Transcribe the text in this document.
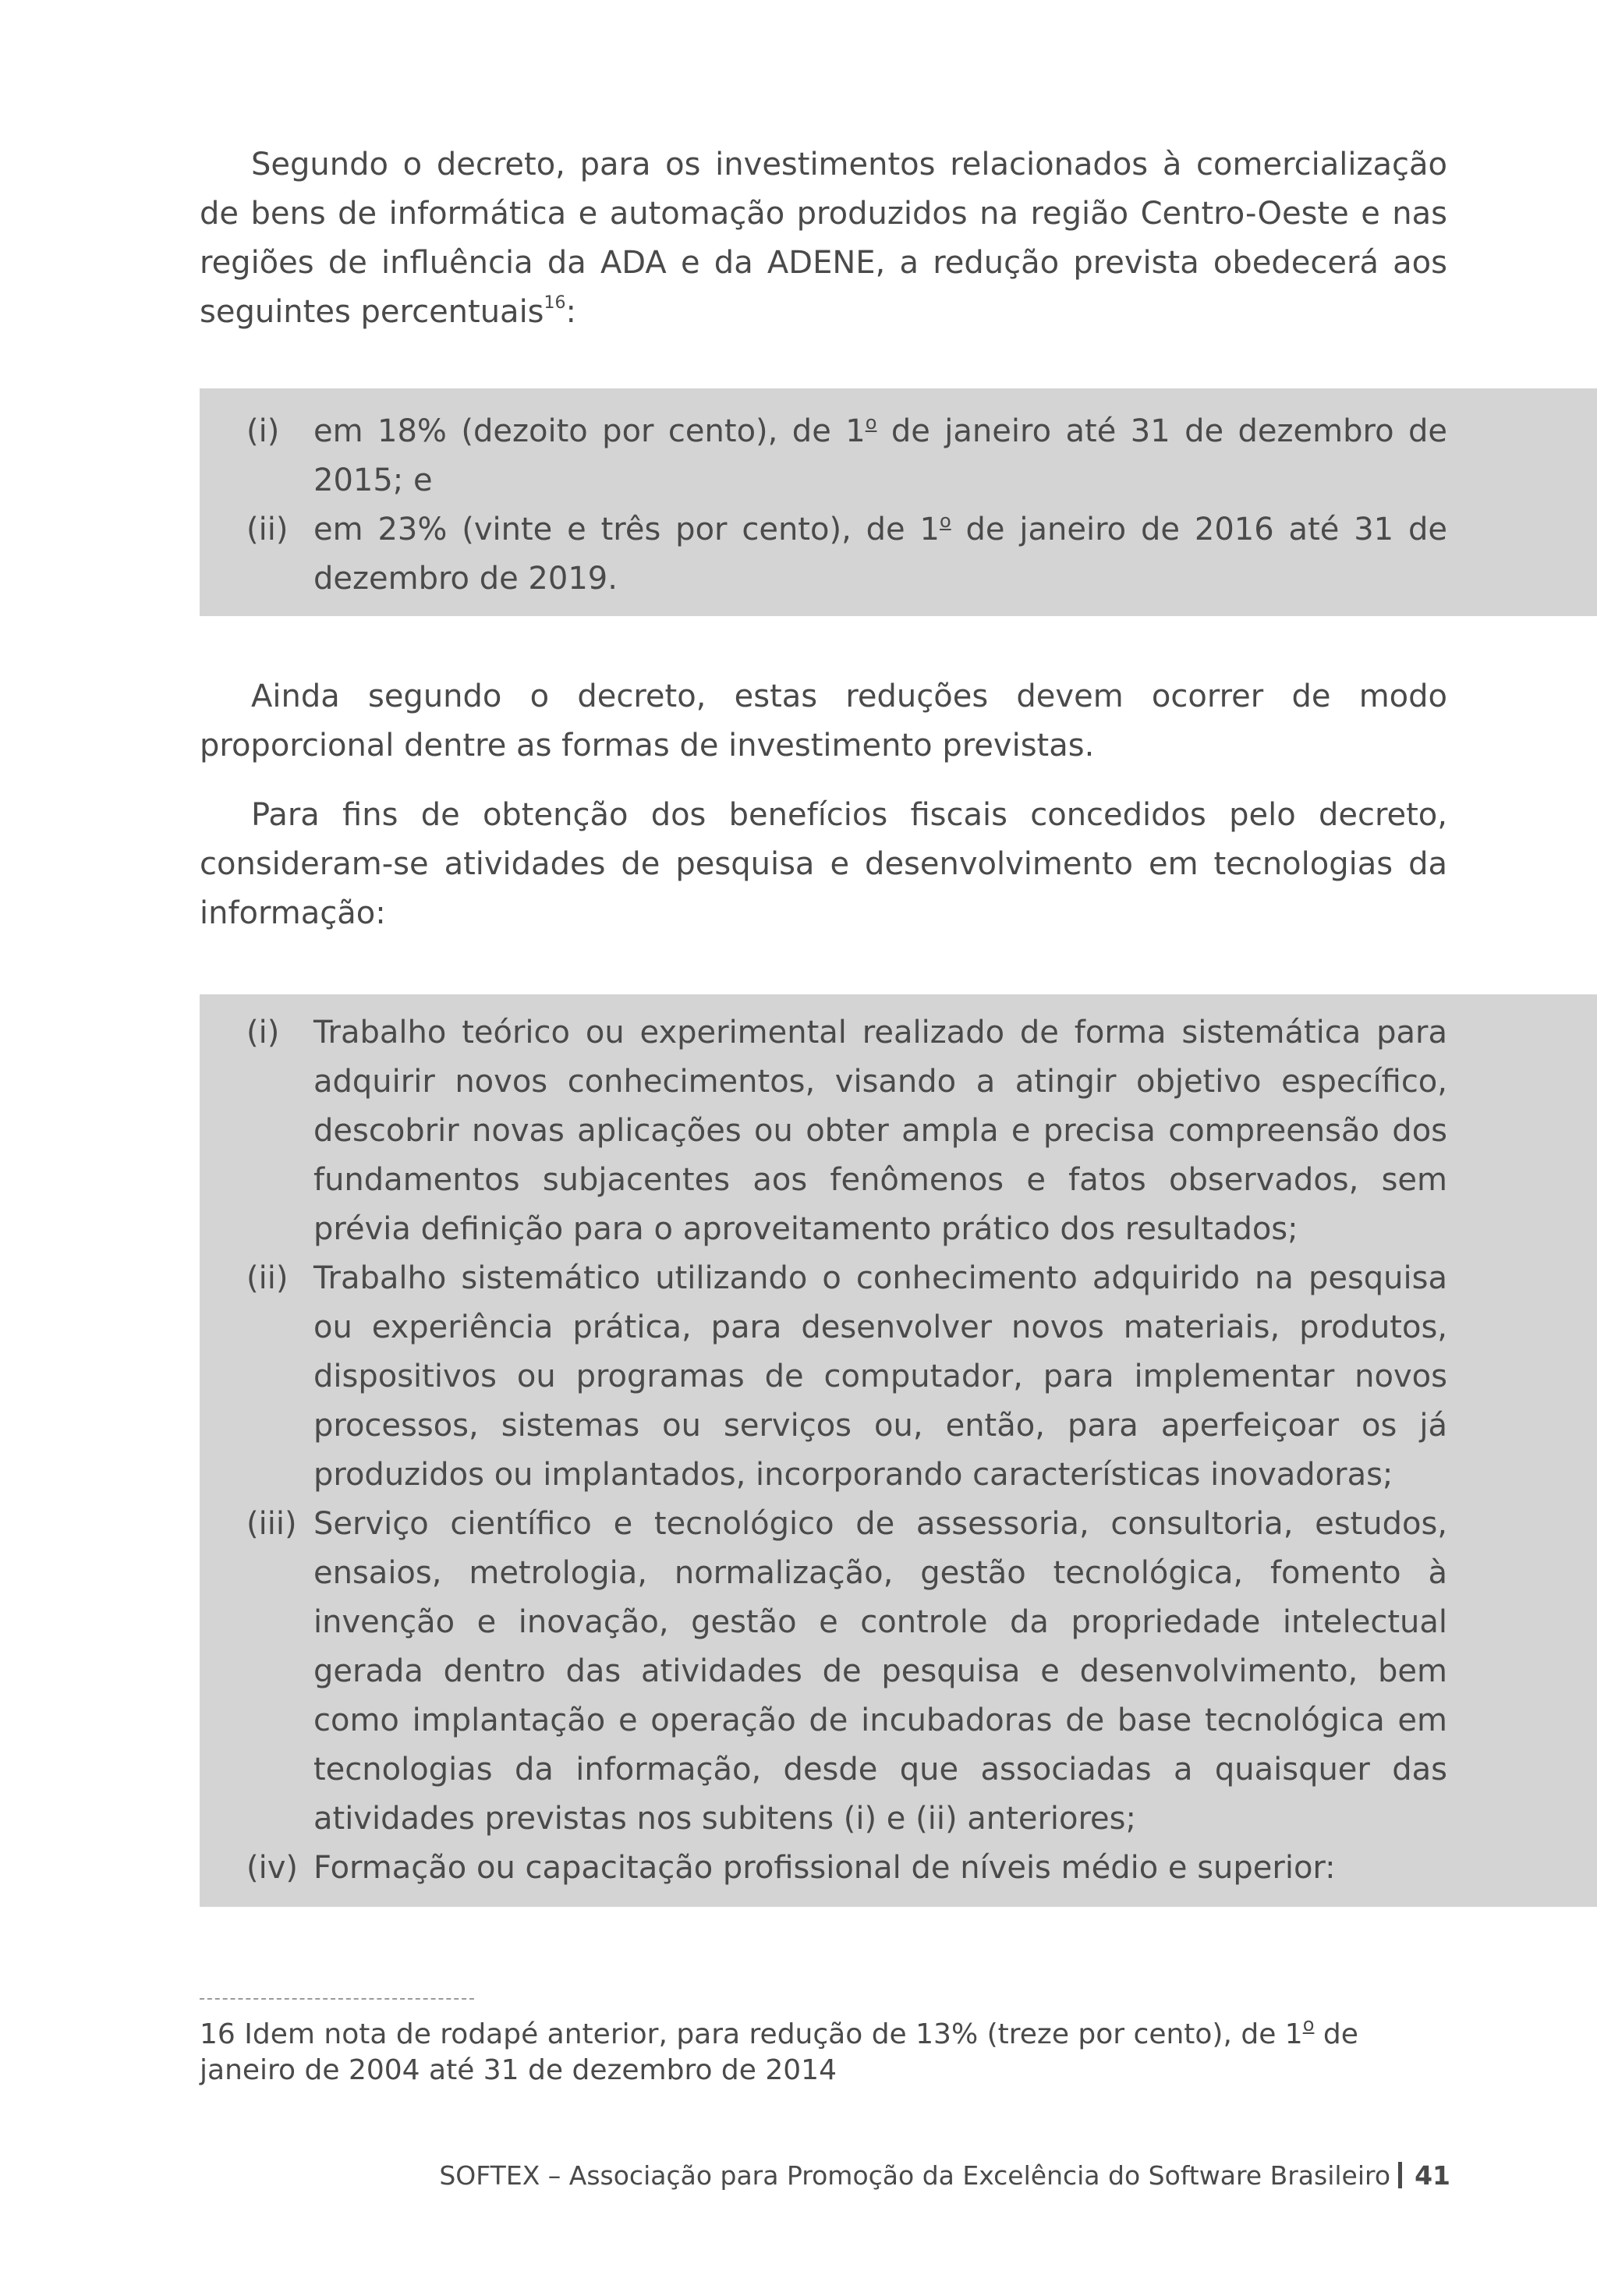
Segundo o decreto, para os investimentos relacionados à comercialização de bens de informática e automação produzidos na região Centro-Oeste e nas regiões de influência da ADA e da ADENE, a redução prevista obedecerá aos seguintes percentuais$^{16}$:

(i) em 18% (dezoito por cento), de 1$^o$ de janeiro até 31 de dezembro de 2015; e
(ii) em 23% (vinte e três por cento), de 1$^o$ de janeiro de 2016 até 31 de dezembro de 2019.

Ainda segundo o decreto, estas reduções devem ocorrer de modo proporcional dentre as formas de investimento previstas.

Para fins de obtenção dos benefícios fiscais concedidos pelo decreto, consideram-se atividades de pesquisa e desenvolvimento em tecnologias da informação:

(i) Trabalho teórico ou experimental realizado de forma sistemática para adquirir novos conhecimentos, visando a atingir objetivo específico, descobrir novas aplicações ou obter ampla e precisa compreensão dos fundamentos subjacentes aos fenômenos e fatos observados, sem prévia definição para o aproveitamento prático dos resultados;
(ii) Trabalho sistemático utilizando o conhecimento adquirido na pesquisa ou experiência prática, para desenvolver novos materiais, produtos, dispositivos ou programas de computador, para implementar novos processos, sistemas ou serviços ou, então, para aperfeiçoar os já produzidos ou implantados, incorporando características inovadoras;
(iii) Serviço científico e tecnológico de assessoria, consultoria, estudos, ensaios, metrologia, normalização, gestão tecnológica, fomento à invenção e inovação, gestão e controle da propriedade intelectual gerada dentro das atividades de pesquisa e desenvolvimento, bem como implantação e operação de incubadoras de base tecnológica em tecnologias da informação, desde que associadas a quaisquer das atividades previstas nos subitens (i) e (ii) anteriores;
(iv) Formação ou capacitação profissional de níveis médio e superior:

16 Idem nota de rodapé anterior, para redução de 13% (treze por cento), de 1$^o$ de janeiro de 2004 até 31 de dezembro de 2014

SOFTEX – Associação para Promoção da Excelência do Software Brasileiro 41
